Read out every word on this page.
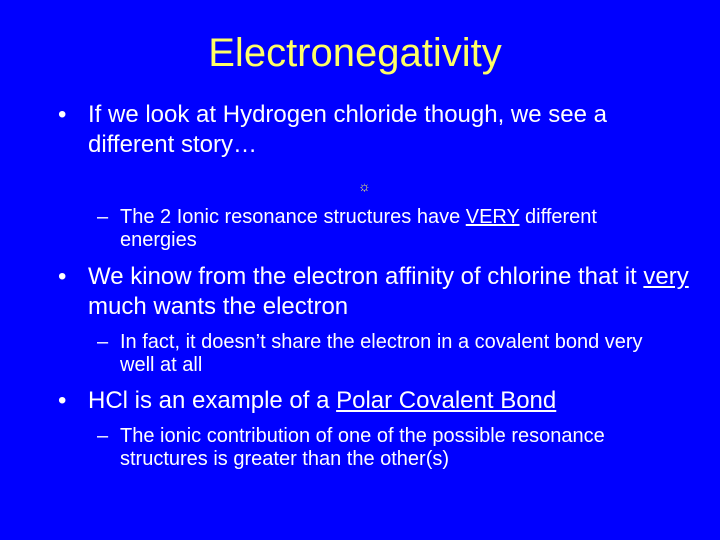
Electronegativity
• If we look at Hydrogen chloride though, we see a different story…
☼
– The 2 Ionic resonance structures have VERY different energies
• We kinow from the electron affinity of chlorine that it very much wants the electron
– In fact, it doesn’t share the electron in a covalent bond very well at all
• HCl is an example of a Polar Covalent Bond
– The ionic contribution of one of the possible resonance structures is greater than the other(s)
